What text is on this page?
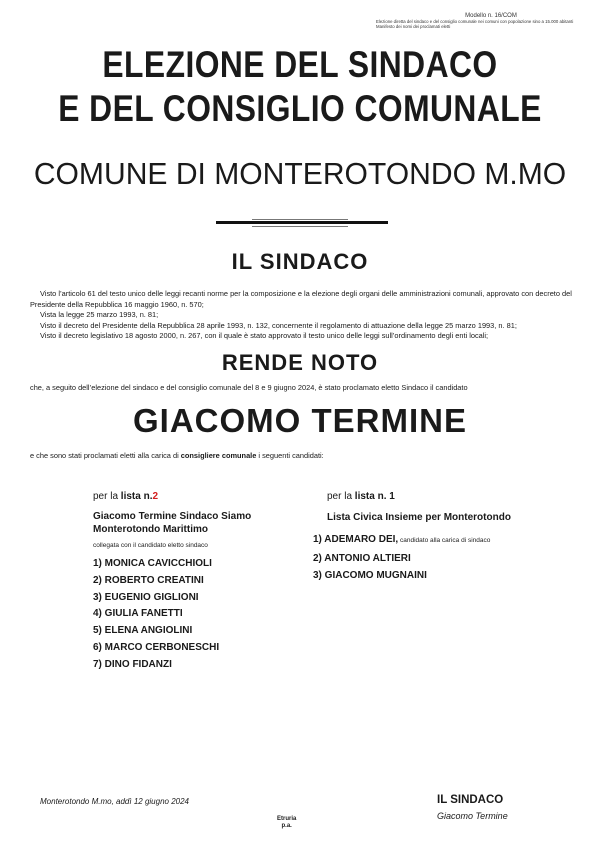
Modello n. 16/COM
Elezione diretta del sindaco e del consiglio comunale nei comuni con popolazione sino a 15.000 abitanti
Manifesto dei nomi dei proclamati eletti
ELEZIONE DEL SINDACO
E DEL CONSIGLIO COMUNALE
COMUNE DI MONTEROTONDO M.MO
IL SINDACO

Visto l’articolo 61 del testo unico delle leggi recanti norme per la composizione e la elezione degli organi delle amministrazioni comunali, approvato con decreto del Presidente della Repubblica 16 maggio 1960, n. 570;

Vista la legge 25 marzo 1993, n. 81;

Visto il decreto del Presidente della Repubblica 28 aprile 1993, n. 132, concernente il regolamento di attuazione della legge 25 marzo 1993, n. 81;

Visto il decreto legislativo 18 agosto 2000, n. 267, con il quale è stato approvato il testo unico delle leggi sull’ordinamento degli enti locali;

RENDE NOTO
che, a seguito dell’elezione del sindaco e del consiglio comunale del 8 e 9 giugno 2024, è stato proclamato eletto Sindaco il candidato
GIACOMO TERMINE
e che sono stati proclamati eletti alla carica di consigliere comunale i seguenti candidati:
per la lista n.2
Giacomo Termine Sindaco Siamo
Monterotondo Marittimo
collegata con il candidato eletto sindaco
1) MONICA CAVICCHIOLI
2) ROBERTO CREATINI
3) EUGENIO GIGLIONI
4) GIULIA FANETTI
5) ELENA ANGIOLINI
6) MARCO CERBONESCHI
7) DINO FIDANZI
per la lista n. 1
Lista Civica Insieme per Monterotondo
1) ADEMARO DEI, candidato alla carica di sindaco
2) ANTONIO ALTIERI
3) GIACOMO MUGNAINI
Monterotondo M.mo, addì 12 giugno 2024
Etruria
p.a.
IL SINDACO
Giacomo Termine
